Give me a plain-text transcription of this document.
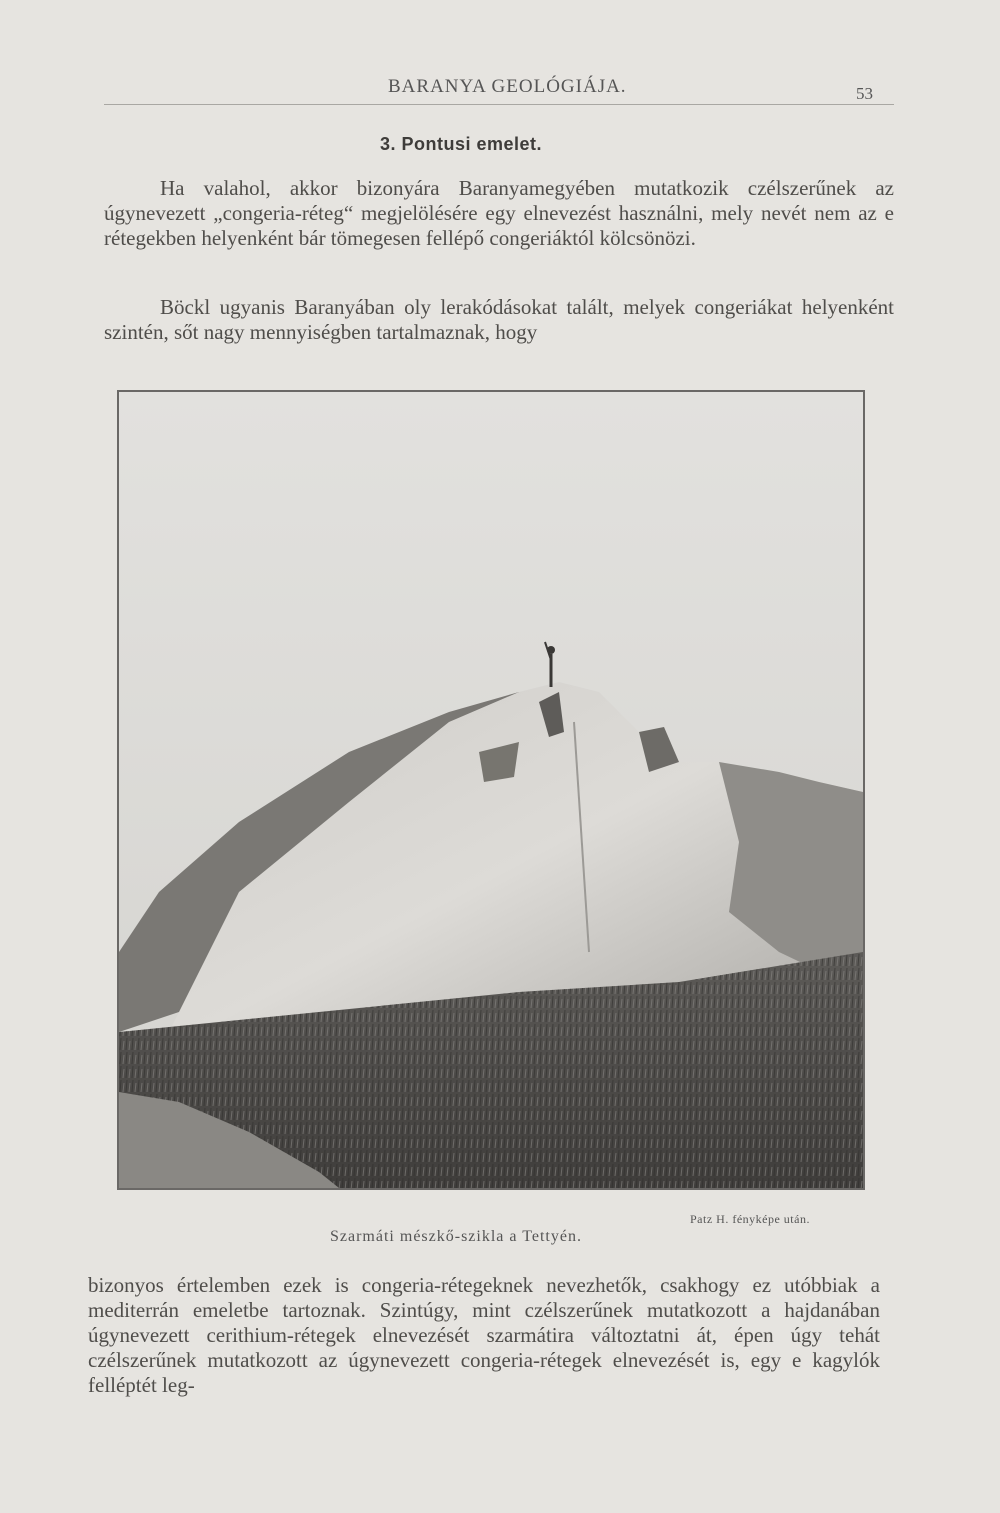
BARANYA GEOLÓGIÁJA.	53
3. Pontusi emelet.

Ha valahol, akkor bizonyára Baranyamegyében mutatkozik czélszerűnek az úgynevezett „congeria-réteg“ megjelölésére egy elnevezést használni, mely nevét nem az e rétegekben helyenként bár tömegesen fellépő congeriáktól kölcsönözi.

Böckl ugyanis Baranyában oly lerakódásokat talált, melyek congeriákat helyenként szintén, sőt nagy mennyiségben tartalmaznak, hogy

Patz H. fényképe után.
Szarmáti mészkő-szikla a Tettyén.

bizonyos értelemben ezek is congeria-rétegeknek nevezhetők, csakhogy ez utóbbiak a mediterrán emeletbe tartoznak. Szintúgy, mint czélszerűnek mutatkozott a hajdanában úgynevezett cerithium-rétegek elnevezését szarmátira változtatni át, épen úgy tehát czélszerűnek mutatkozott az úgynevezett congeria-rétegek elnevezését is, egy e kagylók felléptét leg-
